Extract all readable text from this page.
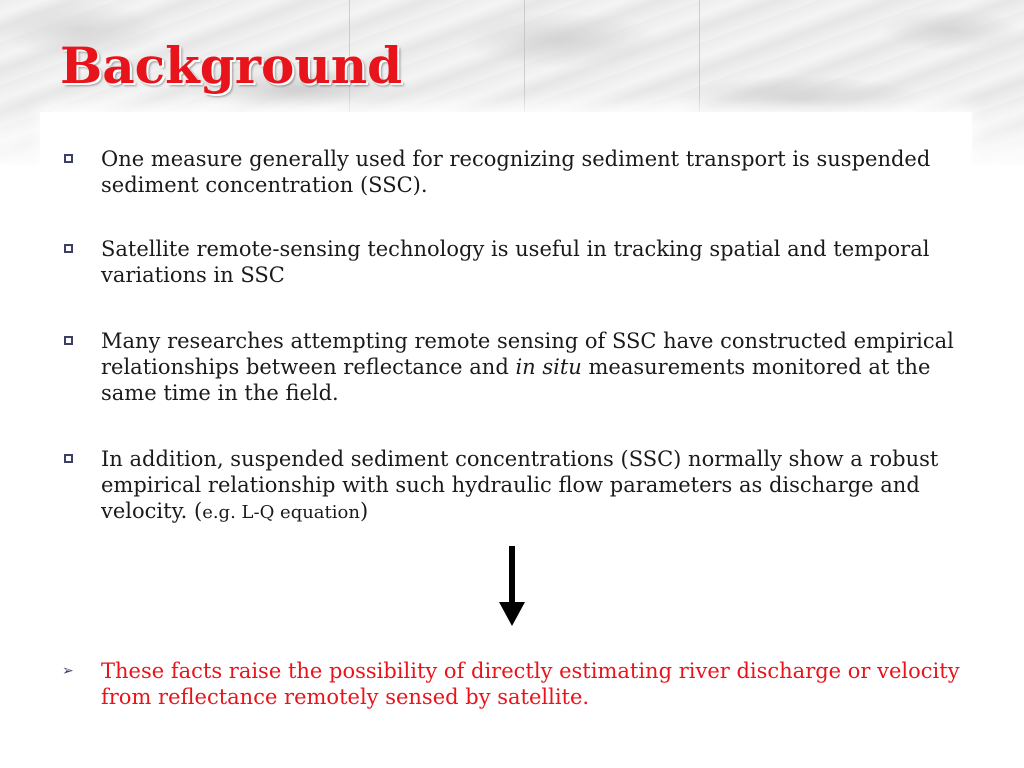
Background
One measure generally used for recognizing sediment transport is suspended sediment concentration (SSC).
Satellite remote-sensing technology is useful in tracking spatial and temporal variations in SSC
Many researches attempting remote sensing of SSC have constructed empirical relationships between reflectance and in situ measurements monitored at the same time in the field.
In addition, suspended sediment concentrations (SSC) normally show a robust empirical relationship with such hydraulic flow parameters as discharge and velocity. (e.g. L-Q equation)
➢ These facts raise the possibility of directly estimating river discharge or velocity from reflectance remotely sensed by satellite.
